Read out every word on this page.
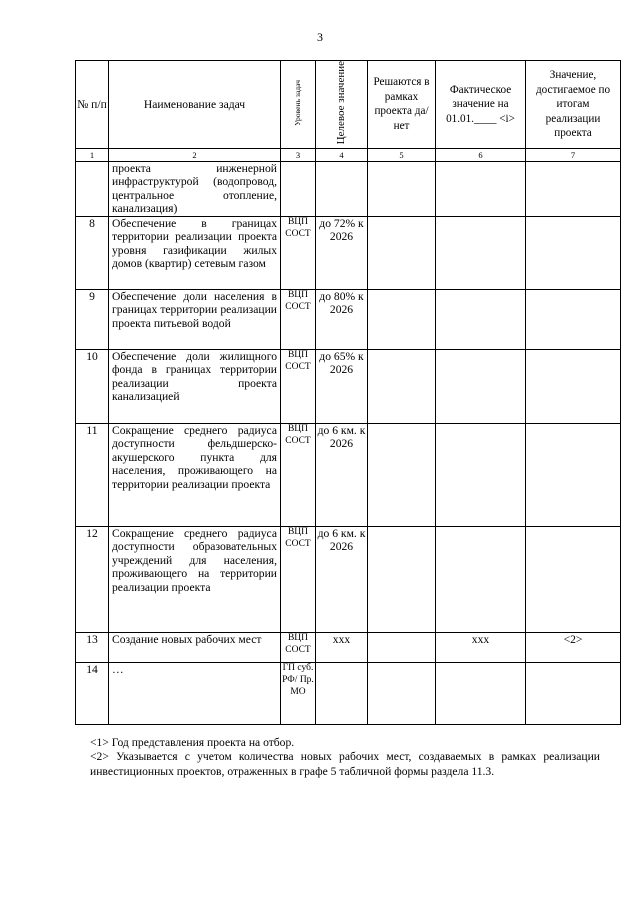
3
№ п/п	Наименование задач	Уровень задач	Целевое значение	Решаются в рамках проекта да/нет	Фактическое значение на 01.01.____ <i>	Значение, достигаемое по итогам реализации проекта
1	2	3	4	5	6	7
	проекта инженерной инфраструктурой (водопровод, центральное отопление, канализация)					
8	Обеспечение в границах территории реализации проекта уровня газификации жилых домов (квартир) сетевым газом	ВЦП СОСТ	до 72% к 2026			
9	Обеспечение доли населения в границах территории реализации проекта питьевой водой	ВЦП СОСТ	до 80% к 2026			
10	Обеспечение доли жилищного фонда в границах территории реализации проекта канализацией	ВЦП СОСТ	до 65% к 2026			
11	Сокращение среднего радиуса доступности фельдшерско-акушерского пункта для населения, проживающего на территории реализации проекта	ВЦП СОСТ	до 6 км. к 2026			
12	Сокращение среднего радиуса доступности образовательных учреждений для населения, проживающего на территории реализации проекта	ВЦП СОСТ	до 6 км. к 2026			
13	Создание новых рабочих мест	ВЦП СОСТ	ххх		ххх	<2>
14	…	ГП суб. РФ/ Пр. МО				

<1> Год представления проекта на отбор.

<2> Указывается с учетом количества новых рабочих мест, создаваемых в рамках реализации инвестиционных проектов, отраженных в графе 5 табличной формы раздела 11.3.
